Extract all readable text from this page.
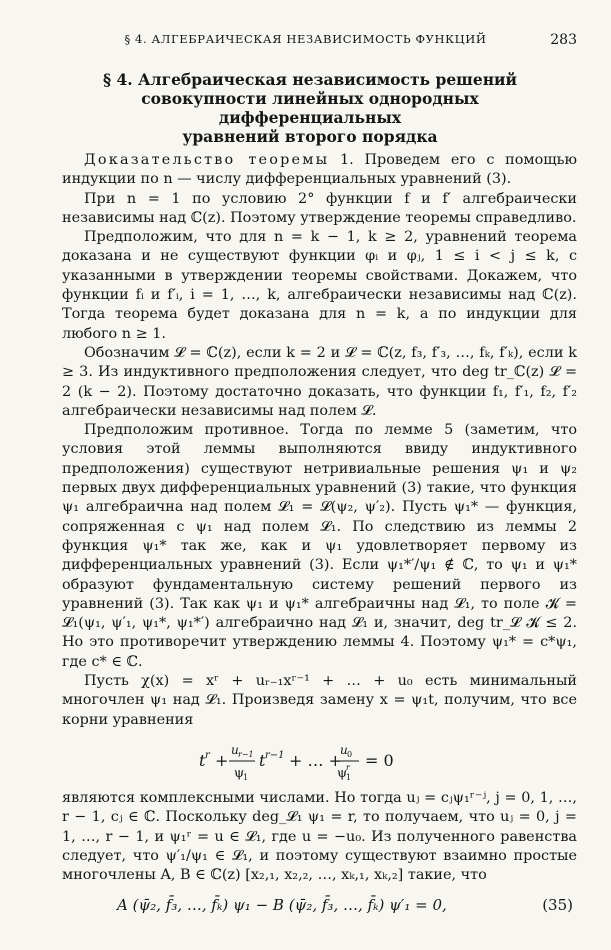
§ 4. АЛГЕБРАИЧЕСКАЯ НЕЗАВИСИМОСТЬ ФУНКЦИЙ	283
§ 4. Алгебраическая независимость решений
совокупности линейных однородных дифференциальных
уравнений второго порядка

Доказательство теоремы 1. Проведем его с помощью индукции по n — числу дифференциальных уравнений (3).

При n = 1 по условию 2° функции f и f′ алгебраически независимы над ℂ(z). Поэтому утверждение теоремы справедливо.

Предположим, что для n = k − 1, k ≥ 2, уравнений теорема доказана и не существуют функции φᵢ и φⱼ, 1 ≤ i < j ≤ k, с указанными в утверждении теоремы свойствами. Докажем, что функции fᵢ и f′ᵢ, i = 1, …, k, алгебраически независимы над ℂ(z). Тогда теорема будет доказана для n = k, а по индукции для любого n ≥ 1.

Обозначим 𝓛 = ℂ(z), если k = 2 и 𝓛 = ℂ(z, f₃, f′₃, …, fₖ, f′ₖ), если k ≥ 3. Из индуктивного предположения следует, что deg tr_ℂ(z) 𝓛 = 2 (k − 2). Поэтому достаточно доказать, что функции f₁, f′₁, f₂, f′₂ алгебраически независимы над полем 𝓛.

Предположим противное. Тогда по лемме 5 (заметим, что условия этой леммы выполняются ввиду индуктивного предположения) существуют нетривиальные решения ψ₁ и ψ₂ первых двух дифференциальных уравнений (3) такие, что функция ψ₁ алгебраична над полем 𝓛₁ = 𝓛(ψ₂, ψ′₂). Пусть ψ₁* — функция, сопряженная с ψ₁ над полем 𝓛₁. По следствию из леммы 2 функция ψ₁* так же, как и ψ₁ удовлетворяет первому из дифференциальных уравнений (3). Если ψ₁*′/ψ₁ ∉ ℂ, то ψ₁ и ψ₁* образуют фундаментальную систему решений первого из уравнений (3). Так как ψ₁ и ψ₁* алгебраичны над 𝓛₁, то поле 𝓚 = 𝓛₁(ψ₁, ψ′₁, ψ₁*, ψ₁*′) алгебраично над 𝓛₁ и, значит, deg tr_𝓛 𝓚 ≤ 2. Но это противоречит утверждению леммы 4. Поэтому ψ₁* = c*ψ₁, где c* ∈ ℂ.

Пусть χ(x) = xʳ + uᵣ₋₁xʳ⁻¹ + … + u₀ есть минимальный многочлен ψ₁ над 𝓛₁. Произведя замену x = ψ₁t, получим, что все корни уравнения

t r +
u r−1
ψ
1
t r−1 + … +
u 0
ψ
r
1
= 0

являются комплексными числами. Но тогда uⱼ = cⱼψ₁ʳ⁻ʲ, j = 0, 1, …, r − 1, cⱼ ∈ ℂ. Поскольку deg_𝓛₁ ψ₁ = r, то получаем, что uⱼ = 0, j = 1, …, r − 1, и ψ₁ʳ = u ∈ 𝓛₁, где u = −u₀. Из полученного равенства следует, что ψ′₁/ψ₁ ∈ 𝓛₁, и поэтому существуют взаимно простые многочлены A, B ∈ ℂ(z) [x₂,₁, x₂,₂, …, xₖ,₁, xₖ,₂] такие, что

A (ψ̄₂, f̄₃, …, f̄ₖ) ψ₁ − B (ψ̄₂, f̄₃, …, f̄ₖ) ψ′₁ = 0,	(35)
